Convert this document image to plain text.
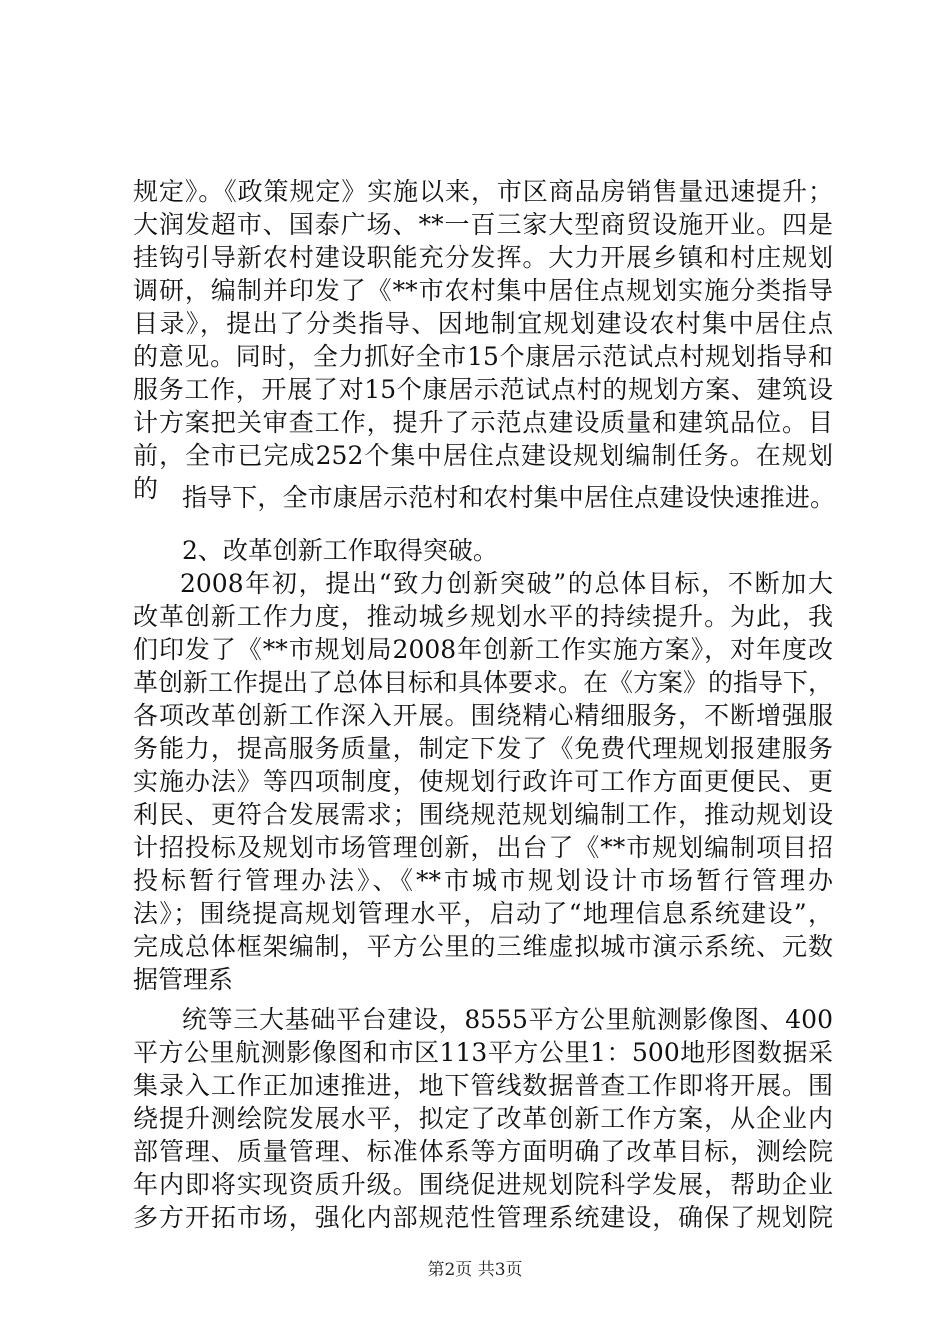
规定》。《政策规定》实施以来，市区商品房销售量迅速提升；
大润发超市、国泰广场、**一百三家大型商贸设施开业。四是
挂钩引导新农村建设职能充分发挥。大力开展乡镇和村庄规划
调研，编制并印发了《**市农村集中居住点规划实施分类指导
目录》，提出了分类指导、因地制宜规划建设农村集中居住点
的意见。同时，全力抓好全市15个康居示范试点村规划指导和
服务工作，开展了对15个康居示范试点村的规划方案、建筑设
计方案把关审查工作，提升了示范点建设质量和建筑品位。目
前，全市已完成252个集中居住点建设规划编制任务。在规划
的 指导下，全市康居示范村和农村集中居住点建设快速推进。
2、改革创新工作取得突破。
2008年初，提出“致力创新突破”的总体目标，不断加大
改革创新工作力度，推动城乡规划水平的持续提升。为此，我
们印发了《**市规划局2008年创新工作实施方案》，对年度改
革创新工作提出了总体目标和具体要求。在《方案》的指导下，
各项改革创新工作深入开展。围绕精心精细服务，不断增强服
务能力，提高服务质量，制定下发了《免费代理规划报建服务
实施办法》等四项制度，使规划行政许可工作方面更便民、更
利民、更符合发展需求；围绕规范规划编制工作，推动规划设
计招投标及规划市场管理创新，出台了《**市规划编制项目招
投标暂行管理办法》、《**市城市规划设计市场暂行管理办
法》；围绕提高规划管理水平，启动了“地理信息系统建设”，
完成总体框架编制，平方公里的三维虚拟城市演示系统、元数
据管理系
统等三大基础平台建设，8555平方公里航测影像图、400
平方公里航测影像图和市区113平方公里1：500地形图数据采
集录入工作正加速推进，地下管线数据普查工作即将开展。围
绕提升测绘院发展水平，拟定了改革创新工作方案，从企业内
部管理、质量管理、标准体系等方面明确了改革目标，测绘院
年内即将实现资质升级。围绕促进规划院科学发展，帮助企业
多方开拓市场，强化内部规范性管理系统建设，确保了规划院
第2页 共3页
